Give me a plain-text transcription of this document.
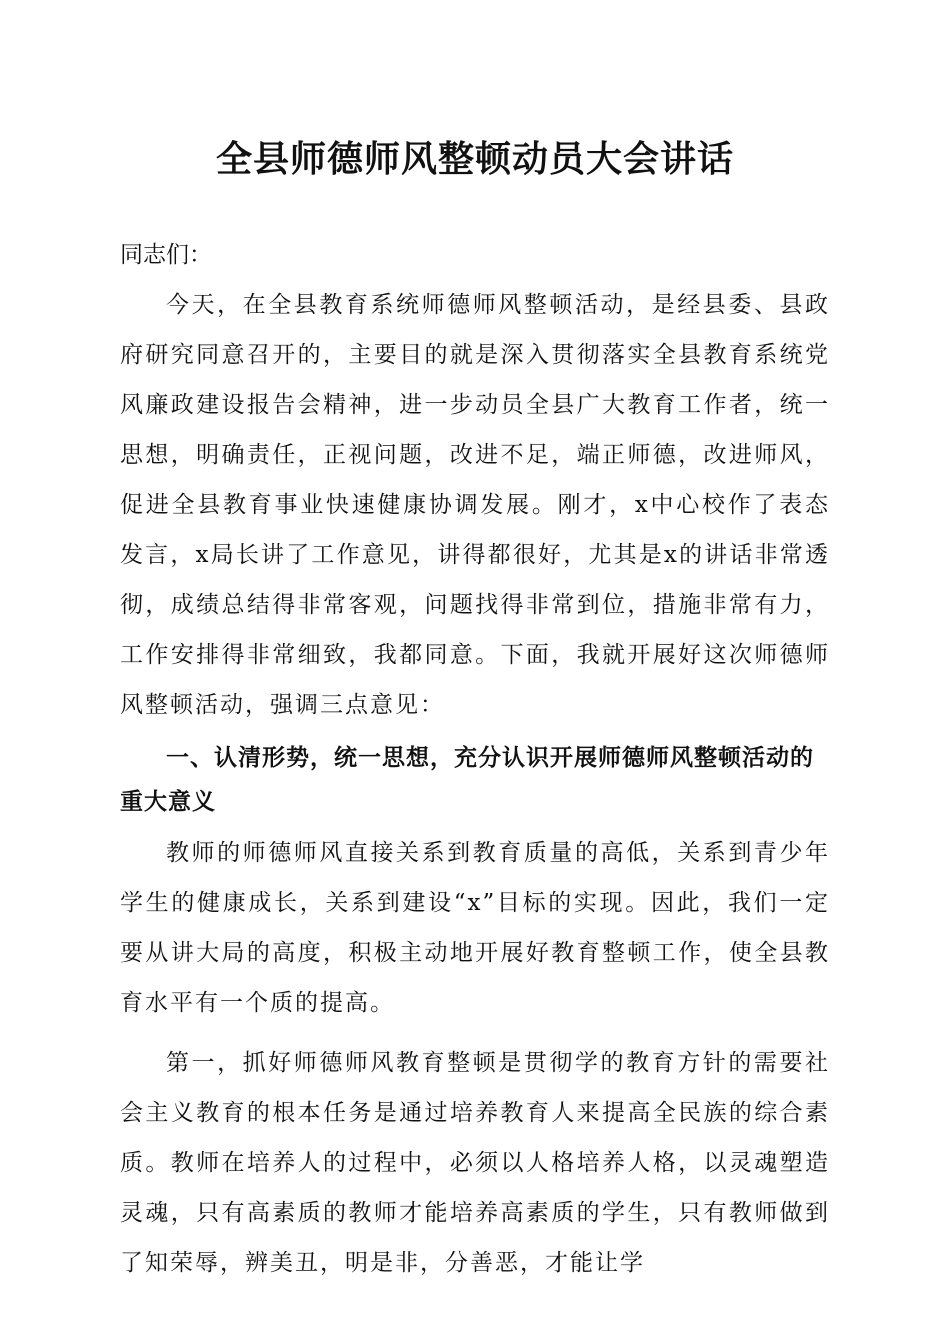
全县师德师风整顿动员大会讲话

同志们：

今天，在全县教育系统师德师风整顿活动，是经县委、县政府研究同意召开的，主要目的就是深入贯彻落实全县教育系统党风廉政建设报告会精神，进一步动员全县广大教育工作者，统一思想，明确责任，正视问题，改进不足，端正师德，改进师风，促进全县教育事业快速健康协调发展。刚才，x中心校作了表态发言，x局长讲了工作意见，讲得都很好，尤其是x的讲话非常透彻，成绩总结得非常客观，问题找得非常到位，措施非常有力，工作安排得非常细致，我都同意。下面，我就开展好这次师德师风整顿活动，强调三点意见：

一、认清形势，统一思想，充分认识开展师德师风整顿活动的重大意义

教师的师德师风直接关系到教育质量的高低，关系到青少年学生的健康成长，关系到建设“x”目标的实现。因此，我们一定要从讲大局的高度，积极主动地开展好教育整顿工作，使全县教育水平有一个质的提高。

第一，抓好师德师风教育整顿是贯彻学的教育方针的需要社会主义教育的根本任务是通过培养教育人来提高全民族的综合素质。教师在培养人的过程中，必须以人格培养人格，以灵魂塑造灵魂，只有高素质的教师才能培养高素质的学生，只有教师做到了知荣辱，辨美丑，明是非，分善恶，才能让学
